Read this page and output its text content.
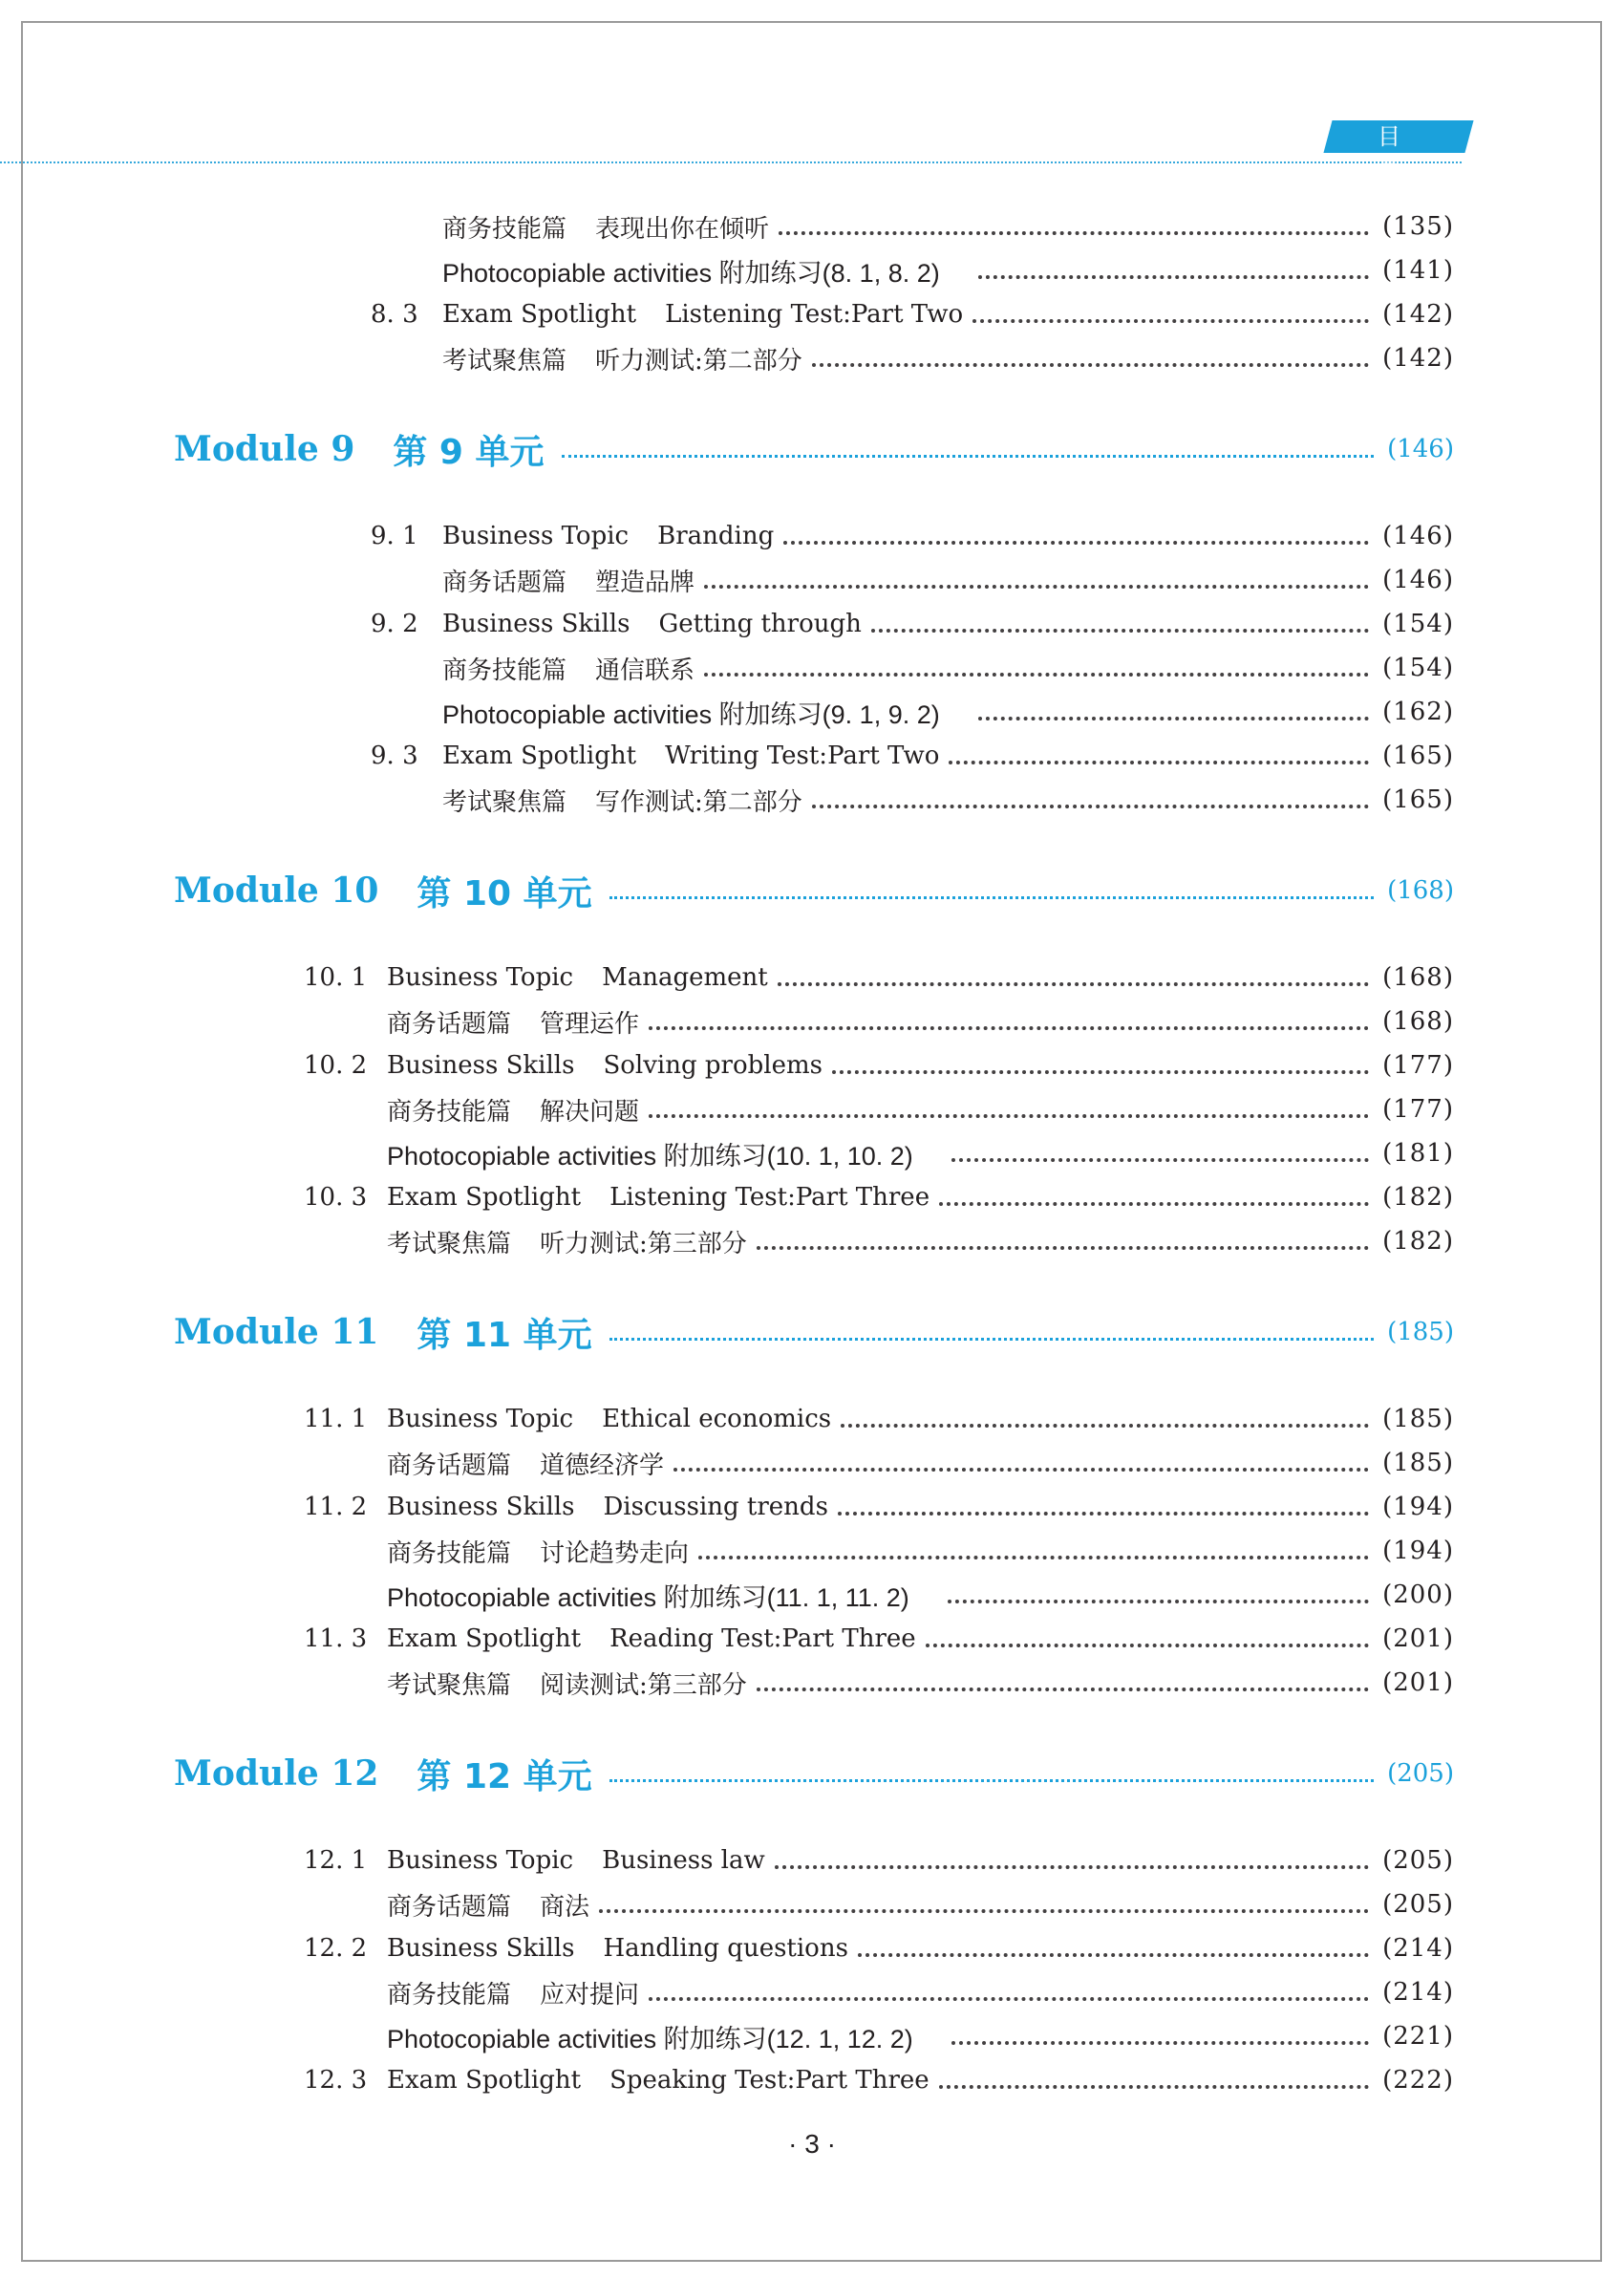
目 录
商务技能篇 表现出你在倾听	(135)
Photocopiable activities 附加练习(8. 1, 8. 2)	(141)
8. 3 Exam Spotlight Listening Test:Part Two	(142)
考试聚焦篇 听力测试:第二部分	(142)
Module 9 第 9 单元	(146)
9. 1 Business Topic Branding	(146)
商务话题篇 塑造品牌	(146)
9. 2 Business Skills Getting through	(154)
商务技能篇 通信联系	(154)
Photocopiable activities 附加练习(9. 1, 9. 2)	(162)
9. 3 Exam Spotlight Writing Test:Part Two	(165)
考试聚焦篇 写作测试:第二部分	(165)
Module 10 第 10 单元	(168)
10. 1 Business Topic Management	(168)
商务话题篇 管理运作	(168)
10. 2 Business Skills Solving problems	(177)
商务技能篇 解决问题	(177)
Photocopiable activities 附加练习(10. 1, 10. 2)	(181)
10. 3 Exam Spotlight Listening Test:Part Three	(182)
考试聚焦篇 听力测试:第三部分	(182)
Module 11 第 11 单元	(185)
11. 1 Business Topic Ethical economics	(185)
商务话题篇 道德经济学	(185)
11. 2 Business Skills Discussing trends	(194)
商务技能篇 讨论趋势走向	(194)
Photocopiable activities 附加练习(11. 1, 11. 2)	(200)
11. 3 Exam Spotlight Reading Test:Part Three	(201)
考试聚焦篇 阅读测试:第三部分	(201)
Module 12 第 12 单元	(205)
12. 1 Business Topic Business law	(205)
商务话题篇 商法	(205)
12. 2 Business Skills Handling questions	(214)
商务技能篇 应对提问	(214)
Photocopiable activities 附加练习(12. 1, 12. 2)	(221)
12. 3 Exam Spotlight Speaking Test:Part Three	(222)
· 3 ·
